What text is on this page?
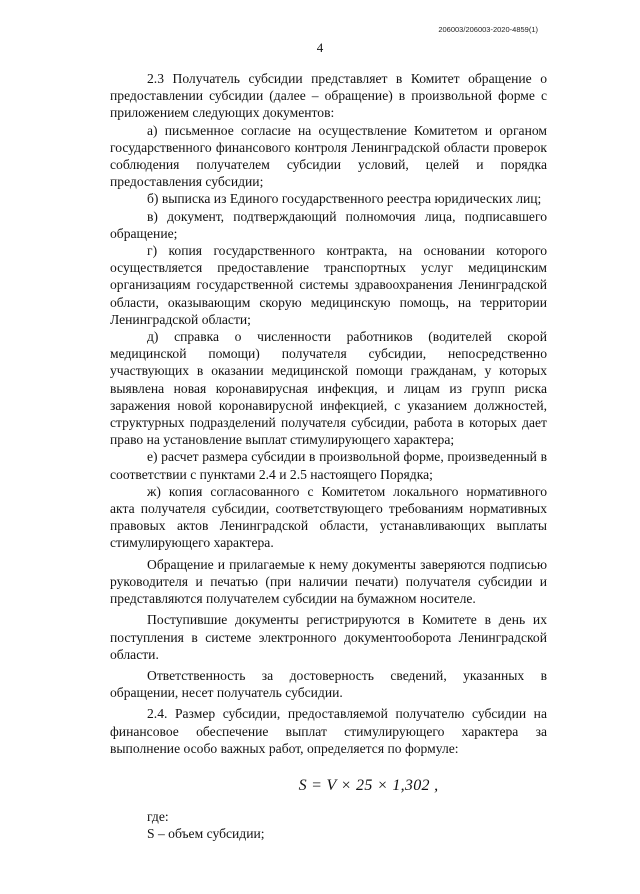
206003/206003-2020-4859(1)
4

2.3 Получатель субсидии представляет в Комитет обращение о предоставлении субсидии (далее – обращение) в произвольной форме с приложением следующих документов:

а) письменное согласие на осуществление Комитетом и органом государственного финансового контроля Ленинградской области проверок соблюдения получателем субсидии условий, целей и порядка предоставления субсидии;

б) выписка из Единого государственного реестра юридических лиц;

в) документ, подтверждающий полномочия лица, подписавшего обращение;

г) копия государственного контракта, на основании которого осуществляется предоставление транспортных услуг медицинским организациям государственной системы здравоохранения Ленинградской области, оказывающим скорую медицинскую помощь, на территории Ленинградской области;

д) справка о численности работников (водителей скорой медицинской помощи) получателя субсидии, непосредственно участвующих в оказании медицинской помощи гражданам, у которых выявлена новая коронавирусная инфекция, и лицам из групп риска заражения новой коронавирусной инфекцией, с указанием должностей, структурных подразделений получателя субсидии, работа в которых дает право на установление выплат стимулирующего характера;

е) расчет размера субсидии в произвольной форме, произведенный в соответствии с пунктами 2.4 и 2.5 настоящего Порядка;

ж) копия согласованного с Комитетом локального нормативного акта получателя субсидии, соответствующего требованиям нормативных правовых актов Ленинградской области, устанавливающих выплаты стимулирующего характера.

Обращение и прилагаемые к нему документы заверяются подписью руководителя и печатью (при наличии печати) получателя субсидии и представляются получателем субсидии на бумажном носителе.

Поступившие документы регистрируются в Комитете в день их поступления в системе электронного документооборота Ленинградской области.

Ответственность за достоверность сведений, указанных в обращении, несет получатель субсидии.

2.4. Размер субсидии, предоставляемой получателю субсидии на финансовое обеспечение выплат стимулирующего характера за выполнение особо важных работ, определяется по формуле:

S = V × 25 × 1,302 ,

где:

S – объем субсидии;
